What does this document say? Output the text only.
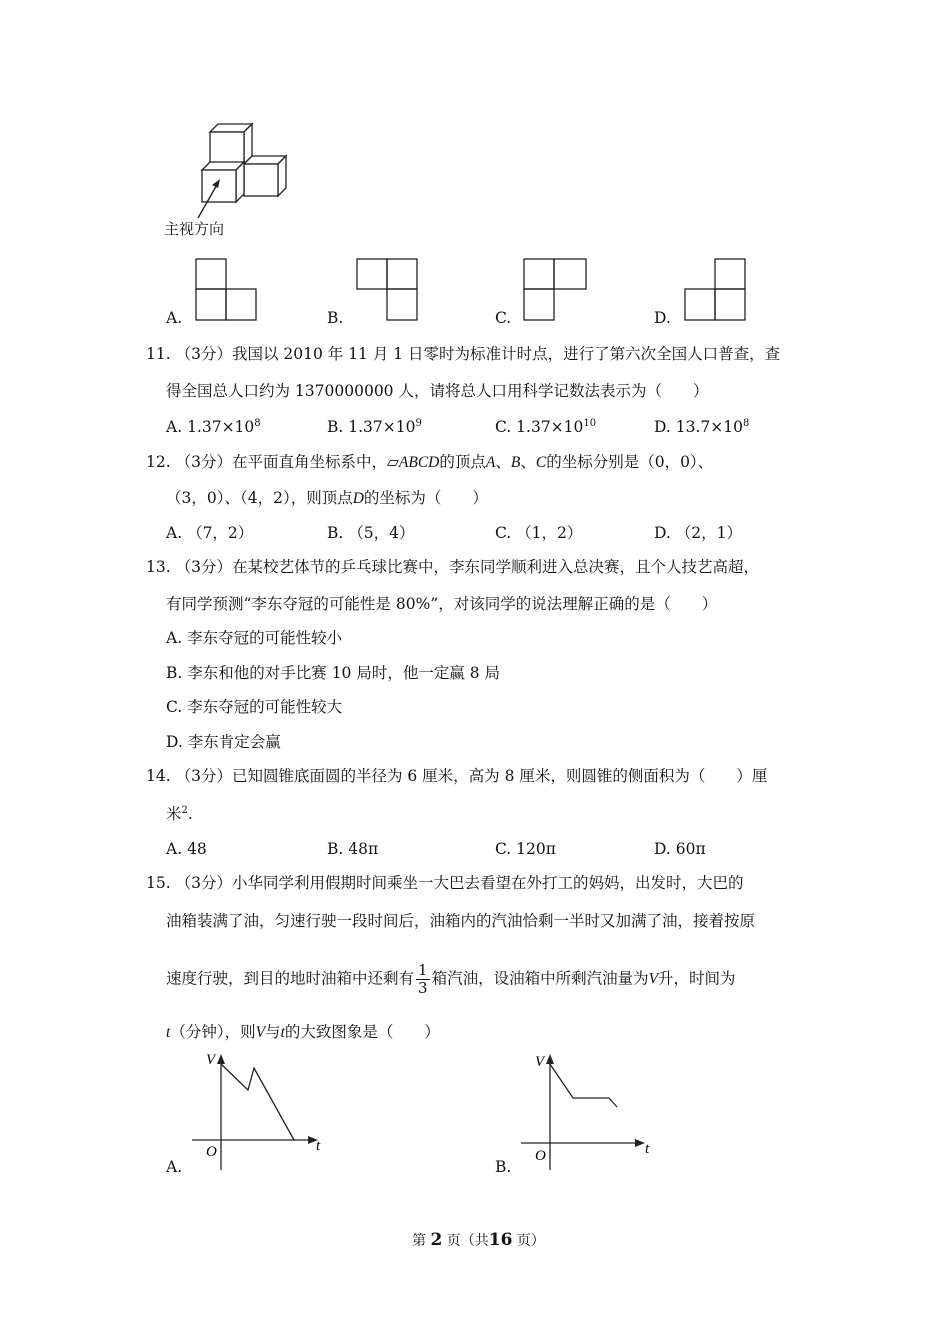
主视方向
A.	B.	C.	D.
11. （3分）我国以 2010 年 11 月 1 日零时为标准计时点，进行了第六次全国人口普查，查
得全国总人口约为 1370000000 人，请将总人口用科学记数法表示为（　　）
A. $1.37\times 10^8$	B. $1.37\times 10^9$	C. $1.37\times 10^{10}$	D. $13.7\times 10^8$
12. （3分）在平面直角坐标系中，▱ABCD的顶点A、B、C的坐标分别是（0，0）、
（3，0）、（4，2），则顶点D的坐标为（　　）
A. （7，2）	B. （5，4）	C. （1，2）	D. （2，1）
13. （3分）在某校艺体节的乒乓球比赛中，李东同学顺利进入总决赛，且个人技艺高超，
有同学预测“李东夺冠的可能性是 80%”，对该同学的说法理解正确的是（　　）
A. 李东夺冠的可能性较小
B. 李东和他的对手比赛 10 局时，他一定赢 8 局
C. 李东夺冠的可能性较大
D. 李东肯定会赢
14. （3分）已知圆锥底面圆的半径为 6 厘米，高为 8 厘米，则圆锥的侧面积为（　　）厘
米$^2$.
A. 48	B. 48π	C. 120π	D. 60π
15. （3分）小华同学利用假期时间乘坐一大巴去看望在外打工的妈妈，出发时，大巴的
油箱装满了油，匀速行驶一段时间后，油箱内的汽油恰剩一半时又加满了油，接着按原
速度行驶，到目的地时油箱中还剩有 $\frac{1}{3}$ 箱汽油，设油箱中所剩汽油量为V升，时间为
t（分钟），则V与t的大致图象是（　　）
A.
V
t
O
B.
V
t
O
第 2 页（共16 页）
